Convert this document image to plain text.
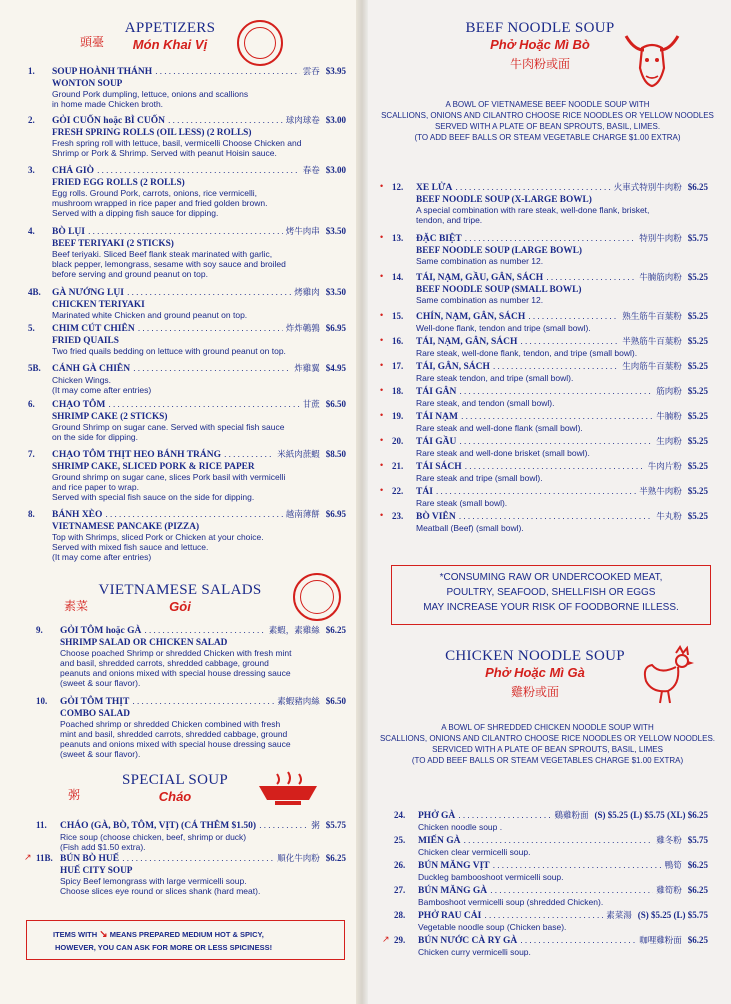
APPETIZERS
Món Khai Vị
頭臺
1.	SOUP HOÀNH THÁNH .....	雲吞 $3.95
WONTON SOUP
Ground Pork dumpling, lettuce, onions and scallions
in home made Chicken broth.
2.	GỎI CUỐN hoặc BÌ CUỐN .....	球肉球卷 $3.00
FRESH SPRING ROLLS (OIL LESS) (2 ROLLS)
Fresh spring roll with lettuce, basil, vermicelli Choose Chicken and
Shrimp or Pork & Shrimp. Served with peanut Hoisin sauce.
3.	CHẢ GIÒ .....	春卷 $3.00
FRIED EGG ROLLS (2 ROLLS)
Egg rolls. Ground Pork, carrots, onions, rice vermicelli,
mushroom wrapped in rice paper and fried golden brown.
Served with a dipping fish sauce for dipping.
4.	BÒ LỤI .....	烤牛肉串 $3.50
BEEF TERIYAKI (2 STICKS)
Beef teriyaki. Sliced Beef flank steak marinated with garlic,
black pepper, lemongrass, sesame with soy sauce and broiled
before serving and ground peanut on top.
4B.	GÀ NƯỚNG LỤI .....	烤雞肉 $3.50
CHICKEN TERIYAKI
Marinated white Chicken and ground peanut on top.
5.	CHIM CÚT CHIÊN .....	炸炸鵪鶉 $6.95
FRIED QUAILS
Two fried quails bedding on lettuce with ground peanut on top.
5B.	CÁNH GÀ CHIÊN .....	炸雞翼 $4.95
Chicken Wings.
(It may come after entries)
6.	CHẠO TÔM .....	甘蔗 $6.50
SHRIMP CAKE (2 STICKS)
Ground Shrimp on sugar cane. Served with special fish sauce
on the side for dipping.
7.	CHẠO TÔM THỊT HEO BÁNH TRÁNG .....	米紙肉蔗蝦 $8.50
SHRIMP CAKE, SLICED PORK & RICE PAPER
Ground shrimp on sugar cane, slices Pork basil with vermicelli
and rice paper to wrap.
Served with special fish sauce on the side for dipping.
8.	BÁNH XÈO .....	越南薄餅 $6.95
VIETNAMESE PANCAKE (PIZZA)
Top with Shrimps, sliced Pork or Chicken at your choice.
Served with mixed fish sauce and lettuce.
(It may come after entries)
VIETNAMESE SALADS
Gỏi
素菜
9.	GỎI TÔM hoặc GÀ .....	素蝦，素雞絲 $6.25
SHRIMP SALAD OR CHICKEN SALAD
Choose poached Shrimp or shredded Chicken with fresh mint
and basil, shredded carrots, shredded cabbage, ground
peanuts and onions mixed with special house dressing sauce
(sweet & sour flavor).
10.	GỎI TÔM THỊT .....	素蝦豬肉絲 $6.50
COMBO SALAD
Poached shrimp or shredded Chicken combined with fresh
mint and basil, shredded carrots, shredded cabbage, ground
peanuts and onions mixed with special house dressing sauce
(sweet & sour flavor).
SPECIAL SOUP
Cháo
粥
11.	CHÁO (GÀ, BÒ, TÔM, VỊT) (CÁ THÊM $1.50) .....	粥 $5.75
Rice soup (choose chicken, beef, shrimp or duck)
(Fish add $1.50 extra).
11B. BÚN BÒ HUẾ .....	順化牛肉粉 $6.25
HUẾ CITY SOUP
Spicy Beef lemongrass with large vermicelli soup.
Choose slices eye round or slices shank (hard meat).
↗
ITEMS WITH ↘ MEANS PREPARED MEDIUM HOT & SPICY,
HOWEVER, YOU CAN ASK FOR MORE OR LESS SPICINESS!
BEEF NOODLE SOUP
Phở Hoặc Mì Bò
牛肉粉或面
A BOWL OF VIETNAMESE BEEF NOODLE SOUP WITH
SCALLIONS, ONIONS AND CILANTRO CHOOSE RICE NOODLES OR YELLOW NOODLES
SERVED WITH A PLATE OF BEAN SPROUTS, BASIL, LIMES.
(TO ADD BEEF BALLS OR STEAM VEGETABLE CHARGE $1.00 EXTRA)
12.	XE LỬA .....	火車式特別牛肉粉 $6.25
BEEF NOODLE SOUP (X-LARGE BOWL)
A special combination with rare steak, well-done flank, brisket,
tendon, and tripe.
•
13.	ĐẶC BIỆT .....	特別牛肉粉 $5.75
BEEF NOODLE SOUP (LARGE BOWL)
Same combination as number 12.
•
14.	TÁI, NẠM, GẦU, GÂN, SÁCH .....	牛腩筋肉粉 $5.25
BEEF NOODLE SOUP (SMALL BOWL)
Same combination as number 12.
•
15.	CHÍN, NẠM, GÂN, SÁCH .....	熟生筋牛百葉粉 $5.25
Well-done flank, tendon and tripe (small bowl).
•
16.	TÁI, NẠM, GÂN, SÁCH .....	半熟筋牛百葉粉 $5.25
Rare steak, well-done flank, tendon, and tripe (small bowl).
•
17.	TÁI, GÂN, SÁCH .....	生肉筋牛百葉粉 $5.25
Rare steak tendon, and tripe (small bowl).
•
18.	TÁI GÂN .....	筋肉粉 $5.25
Rare steak, and tendon (small bowl).
•
19.	TÁI NẠM .....	牛腩粉 $5.25
Rare steak and well-done flank (small bowl).
•
20.	TÁI GẦU .....	生肉粉 $5.25
Rare steak and well-done brisket (small bowl).
•
21.	TÁI SÁCH .....	牛肉片粉 $5.25
Rare steak and tripe (small bowl).
•
22.	TÁI .....	半熟牛肉粉 $5.25
Rare steak (small bowl).
•
23.	BÒ VIÊN .....	牛丸粉 $5.25
Meatball (Beef) (small bowl).
•
*CONSUMING RAW OR UNDERCOOKED MEAT,
POULTRY, SEAFOOD, SHELLFISH OR EGGS
MAY INCREASE YOUR RISK OF FOODBORNE ILLESS.
CHICKEN NOODLE SOUP
Phở Hoặc Mì Gà
雞粉或面
A BOWL OF SHREDDED CHICKEN NOODLE SOUP WITH
SCALLIONS, ONIONS AND CILANTRO CHOOSE RICE NOODLES OR YELLOW NOODLES.
SERVICED WITH A PLATE OF BEAN SPROUTS, BASIL, LIMES
(TO ADD BEEF BALLS OR STEAM VEGETABLES CHARGE $1.00 EXTRA)
24.	PHỞ GÀ .....	鷄雞粉面 (S) $5.25 (L) $5.75 (XL) $6.25
Chicken noodle soup .
25.	MIẾN GÀ .....	雞冬粉 $5.75
Chicken clear vermicelli soup.
26.	BÚN MĂNG VỊT .....	鴨筍 $6.25
Duckleg bambooshoot vermicelli soup.
27.	BÚN MĂNG GÀ .....	雞筍粉 $6.25
Bamboshoot vermicelli soup (shredded Chicken).
28.	PHỞ RAU CẢI .....	素菜湯 (S) $5.25 (L) $5.75
Vegetable noodle soup (Chicken base).
29.	BÚN NƯỚC CÀ RY GÀ .....	咖哩雞粉面 $6.25
Chicken curry vermicelli soup.
↗
